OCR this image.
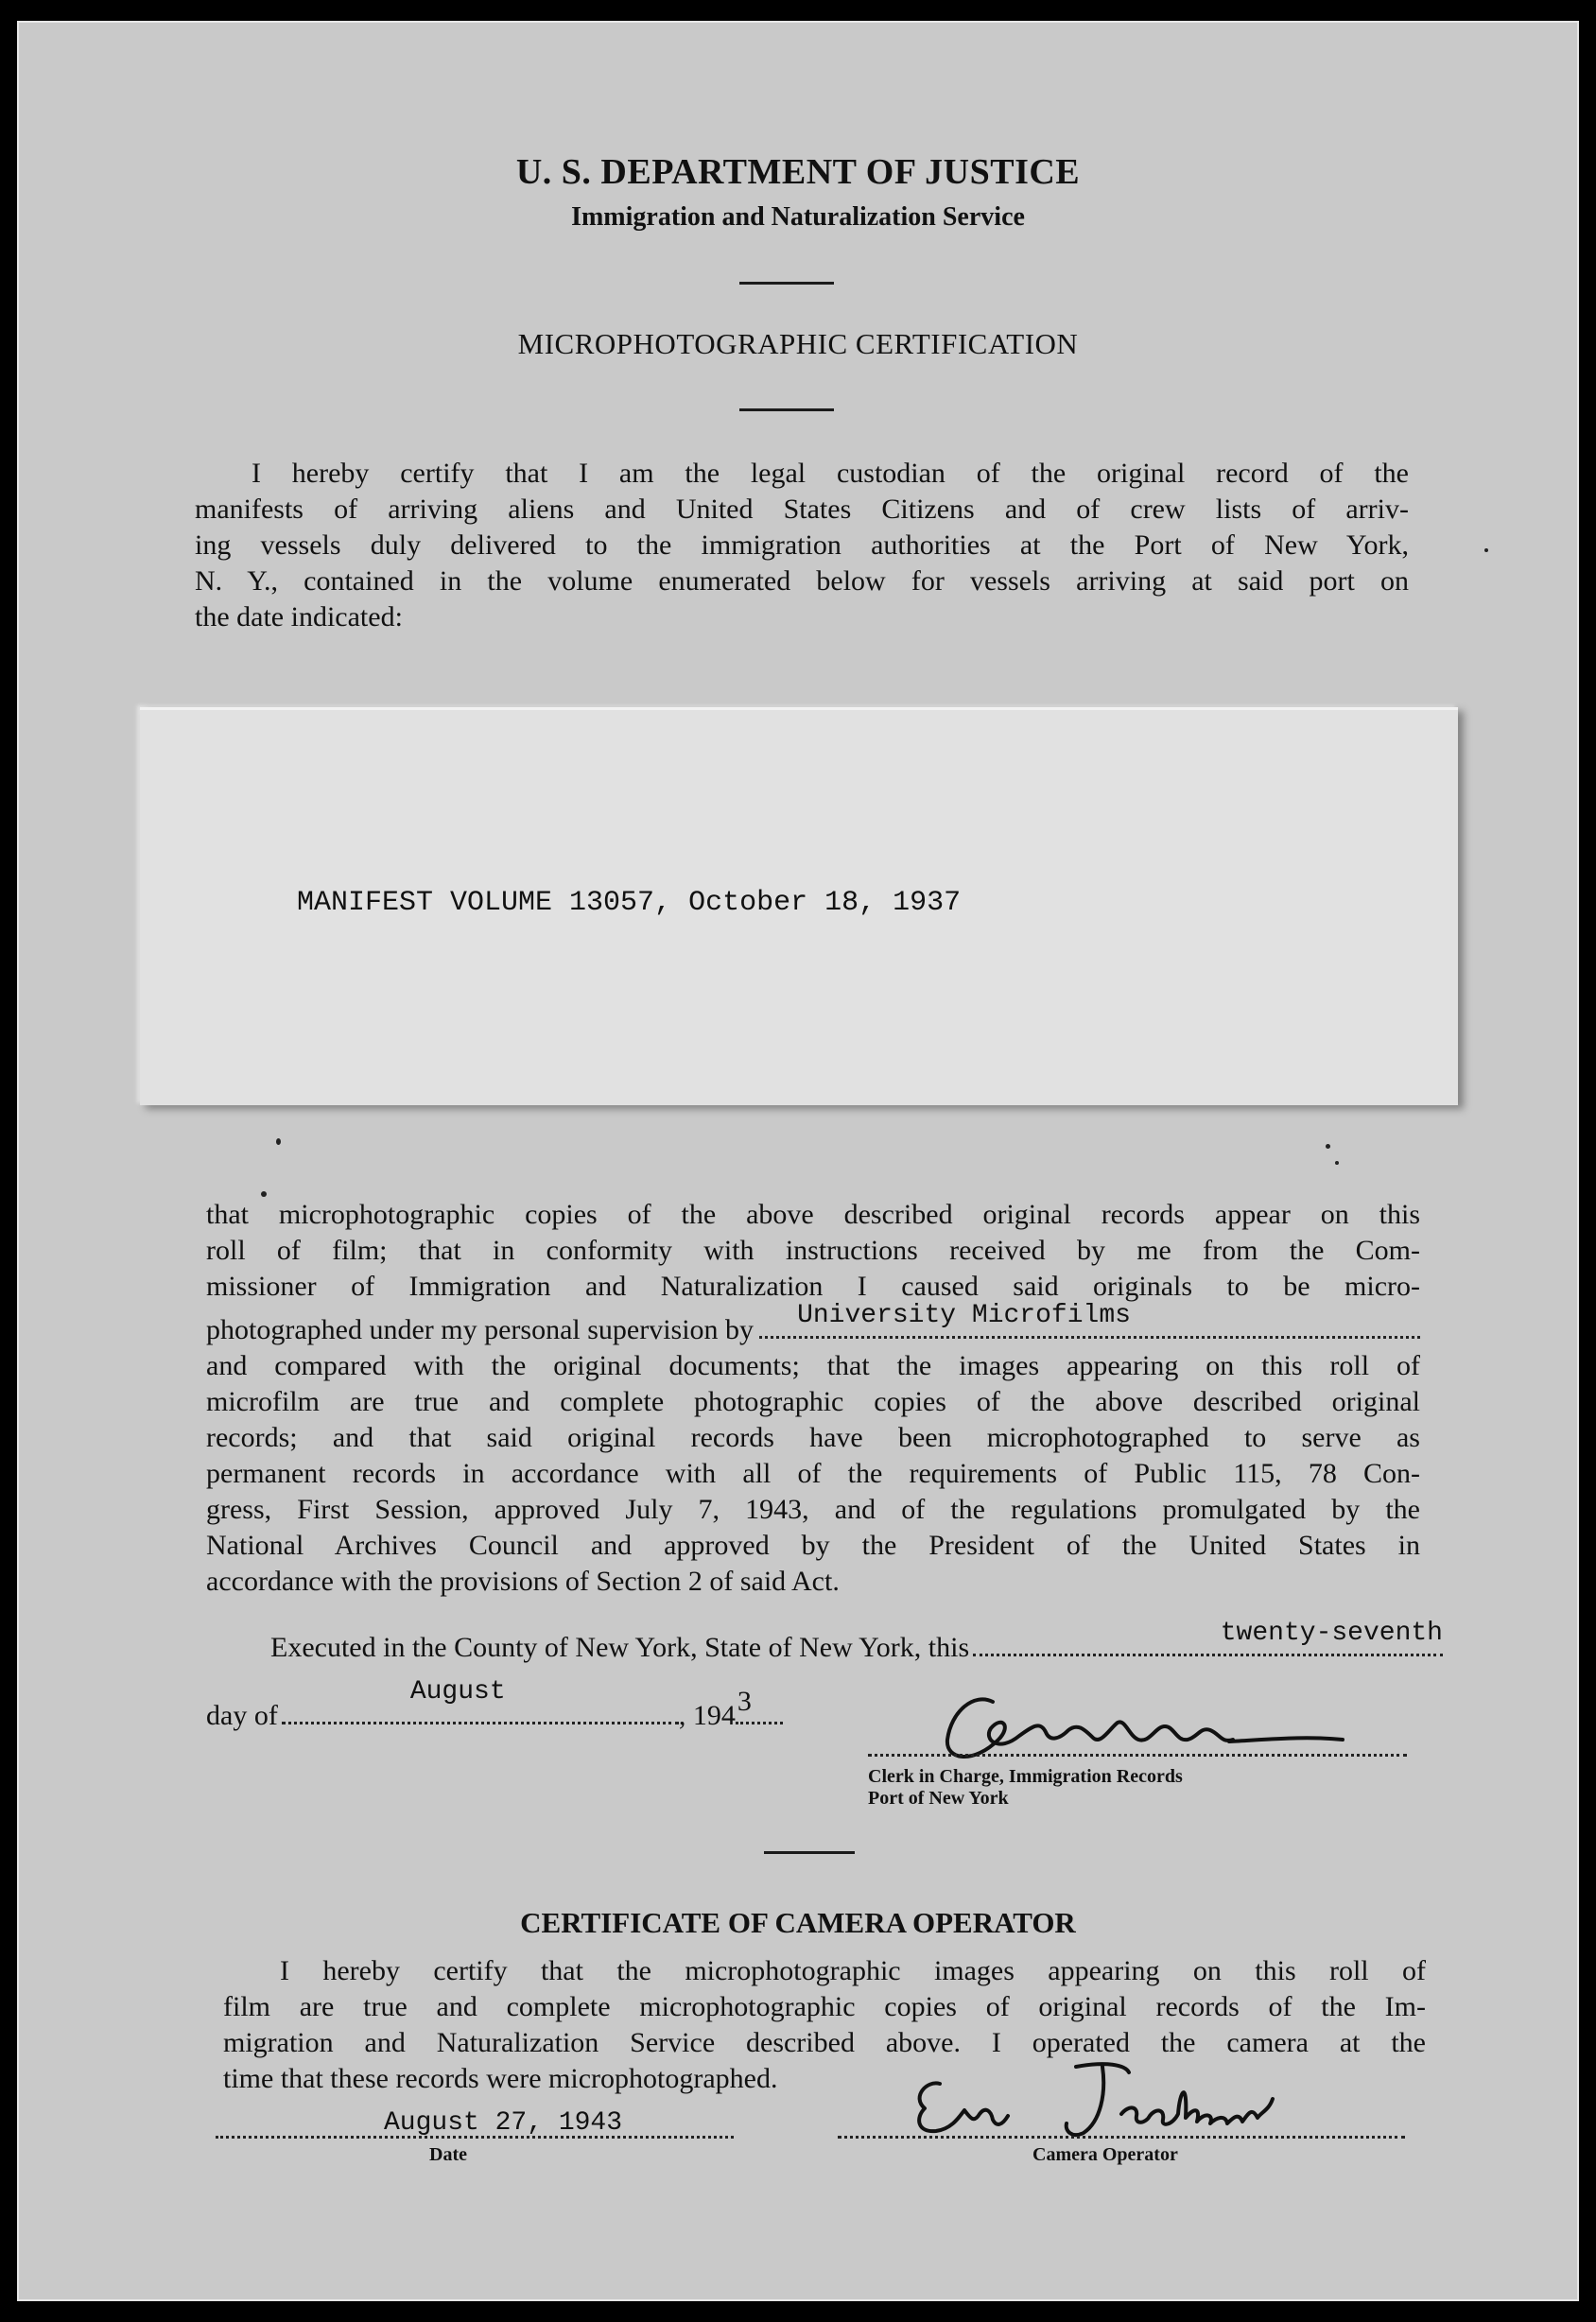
U. S. DEPARTMENT OF JUSTICE
Immigration and Naturalization Service
MICROPHOTOGRAPHIC CERTIFICATION
I hereby certify that I am the legal custodian of the original record of the
manifests of arriving aliens and United States Citizens and of crew lists of arriv-
ing vessels duly delivered to the immigration authorities at the Port of New York,
N. Y., contained in the volume enumerated below for vessels arriving at said port on
the date indicated:
MANIFEST VOLUME 13057, October 18, 1937
that microphotographic copies of the above described original records appear on this
roll of film; that in conformity with instructions received by me from the Com-
missioner of Immigration and Naturalization I caused said originals to be micro-
photographed under my personal supervision by University Microfilms
and compared with the original documents; that the images appearing on this roll of
microfilm are true and complete photographic copies of the above described original
records; and that said original records have been microphotographed to serve as
permanent records in accordance with all of the requirements of Public 115, 78 Con-
gress, First Session, approved July 7, 1943, and of the regulations promulgated by the
National Archives Council and approved by the President of the United States in
accordance with the provisions of Section 2 of said Act.
Executed in the County of New York, State of New York, this	twenty-seventh
day of
August
, 194 3
Clerk in Charge, Immigration Records
Port of New York
CERTIFICATE OF CAMERA OPERATOR
I hereby certify that the microphotographic images appearing on this roll of
film are true and complete microphotographic copies of original records of the Im-
migration and Naturalization Service described above. I operated the camera at the
time that these records were microphotographed.
August 27, 1943
Date	Camera Operator
